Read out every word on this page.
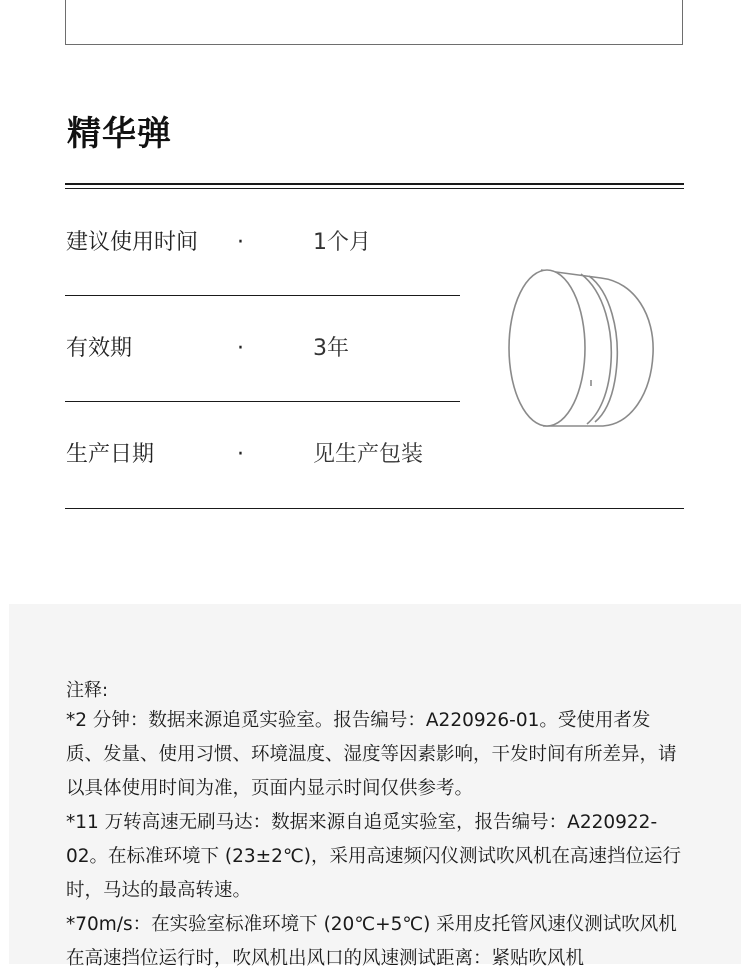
精华弹
建议使用时间 ·	1个月
有效期	·	3年
生产日期	·	见生产包装
注释:

*2 分钟：数据来源追觅实验室。报告编号：A220926-01。受使用者发质、发量、使用习惯、环境温度、湿度等因素影响，干发时间有所差异，请以具体使用时间为准，页面内显示时间仅供参考。

*11 万转高速无刷马达：数据来源自追觅实验室，报告编号：A220922-02。在标准环境下 (23±2℃)，采用高速频闪仪测试吹风机在高速挡位运行时，马达的最高转速。

*70m/s：在实验室标准环境下 (20℃+5℃) 采用皮托管风速仪测试吹风机在高速挡位运行时，吹风机出风口的风速测试距离：紧贴吹风机
